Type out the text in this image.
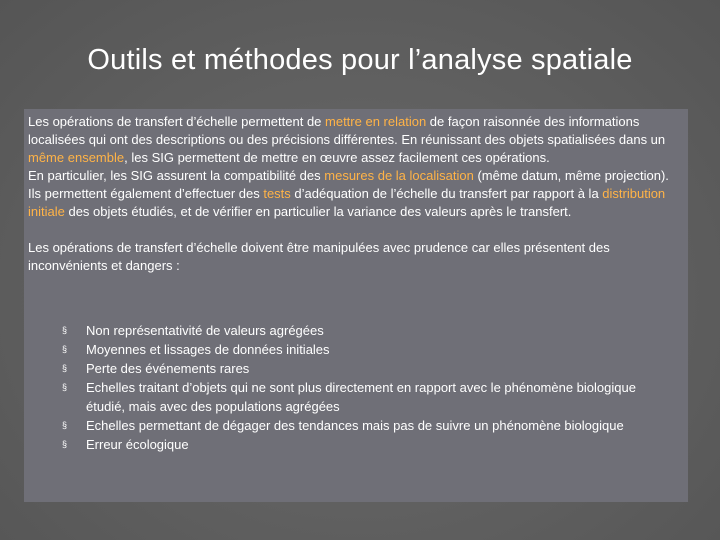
Outils et méthodes pour l’analyse spatiale

Les opérations de transfert d’échelle permettent de mettre en relation de façon raisonnée des informations localisées qui ont des descriptions ou des précisions différentes. En réunissant des objets spatialisées dans un même ensemble, les SIG permettent de mettre en œuvre assez facilement ces opérations.

En particulier, les SIG assurent la compatibilité des mesures de la localisation (même datum, même projection).

Ils permettent également d’effectuer des tests d’adéquation de l’échelle du transfert par rapport à la distribution initiale des objets étudiés, et de vérifier en particulier la variance des valeurs après le transfert.

Les opérations de transfert d’échelle doivent être manipulées avec prudence car elles présentent des inconvénients et dangers :

§ Non représentativité de valeurs agrégées
§ Moyennes et lissages de données initiales
§ Perte des événements rares
§ Echelles traitant d’objets qui ne sont plus directement en rapport avec le phénomène biologique étudié, mais avec des populations agrégées
§ Echelles permettant de dégager des tendances mais pas de suivre un phénomène biologique
§ Erreur écologique
